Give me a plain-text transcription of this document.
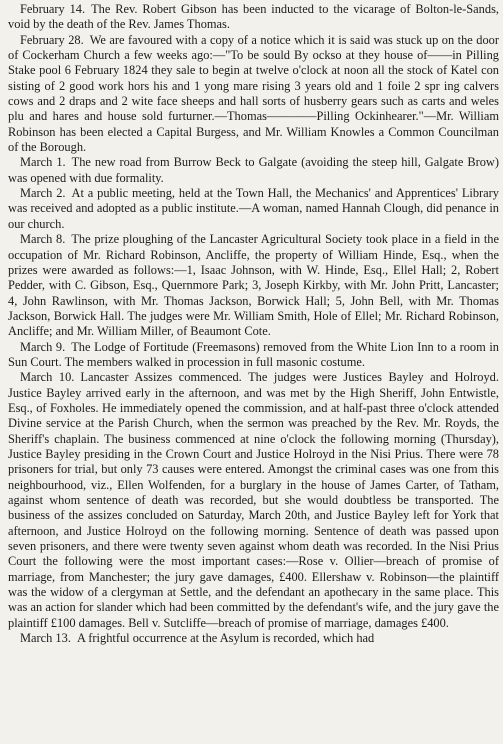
February 14. The Rev. Robert Gibson has been inducted to the vicarage of Bolton-le-Sands, void by the death of the Rev. James Thomas.

February 28. We are favoured with a copy of a notice which it is said was stuck up on the door of Cockerham Church a few weeks ago:—"To be sould By ockso at they house of——in Pilling Stake pool 6 February 1824 they sale to begin at twelve o'clock at noon all the stock of Katel con sisting of 2 good work hors his and 1 yong mare rising 3 years old and 1 foile 2 spr ing calvers cows and 2 draps and 2 wite face sheeps and hall sorts of husberry gears such as carts and weles plu and hares and house sold furturner.—Thomas————Pilling Ockinhearer."—Mr. William Robinson has been elected a Capital Burgess, and Mr. William Knowles a Common Councilman of the Borough.

March 1. The new road from Burrow Beck to Galgate (avoiding the steep hill, Galgate Brow) was opened with due formality.

March 2. At a public meeting, held at the Town Hall, the Mechanics' and Apprentices' Library was received and adopted as a public institute.—A woman, named Hannah Clough, did penance in our church.

March 8. The prize ploughing of the Lancaster Agricultural Society took place in a field in the occupation of Mr. Richard Robinson, Ancliffe, the property of William Hinde, Esq., when the prizes were awarded as follows:—1, Isaac Johnson, with W. Hinde, Esq., Ellel Hall; 2, Robert Pedder, with C. Gibson, Esq., Quernmore Park; 3, Joseph Kirkby, with Mr. John Pritt, Lancaster; 4, John Rawlinson, with Mr. Thomas Jackson, Borwick Hall; 5, John Bell, with Mr. Thomas Jackson, Borwick Hall. The judges were Mr. William Smith, Hole of Ellel; Mr. Richard Robinson, Ancliffe; and Mr. William Miller, of Beaumont Cote.

March 9. The Lodge of Fortitude (Freemasons) removed from the White Lion Inn to a room in Sun Court. The members walked in procession in full masonic costume.

March 10. Lancaster Assizes commenced. The judges were Justices Bayley and Holroyd. Justice Bayley arrived early in the afternoon, and was met by the High Sheriff, John Entwistle, Esq., of Foxholes. He immediately opened the commission, and at half-past three o'clock attended Divine service at the Parish Church, when the sermon was preached by the Rev. Mr. Royds, the Sheriff's chaplain. The business commenced at nine o'clock the following morning (Thursday), Justice Bayley presiding in the Crown Court and Justice Holroyd in the Nisi Prius. There were 78 prisoners for trial, but only 73 causes were entered. Amongst the criminal cases was one from this neighbourhood, viz., Ellen Wolfenden, for a burglary in the house of James Carter, of Tatham, against whom sentence of death was recorded, but she would doubtless be transported. The business of the assizes concluded on Saturday, March 20th, and Justice Bayley left for York that afternoon, and Justice Holroyd on the following morning. Sentence of death was passed upon seven prisoners, and there were twenty seven against whom death was recorded. In the Nisi Prius Court the following were the most important cases:—Rose v. Ollier—breach of promise of marriage, from Manchester; the jury gave damages, £400. Ellershaw v. Robinson—the plaintiff was the widow of a clergyman at Settle, and the defendant an apothecary in the same place. This was an action for slander which had been committed by the defendant's wife, and the jury gave the plaintiff £100 damages. Bell v. Sutcliffe—breach of promise of marriage, damages £400.

March 13. A frightful occurrence at the Asylum is recorded, which had
